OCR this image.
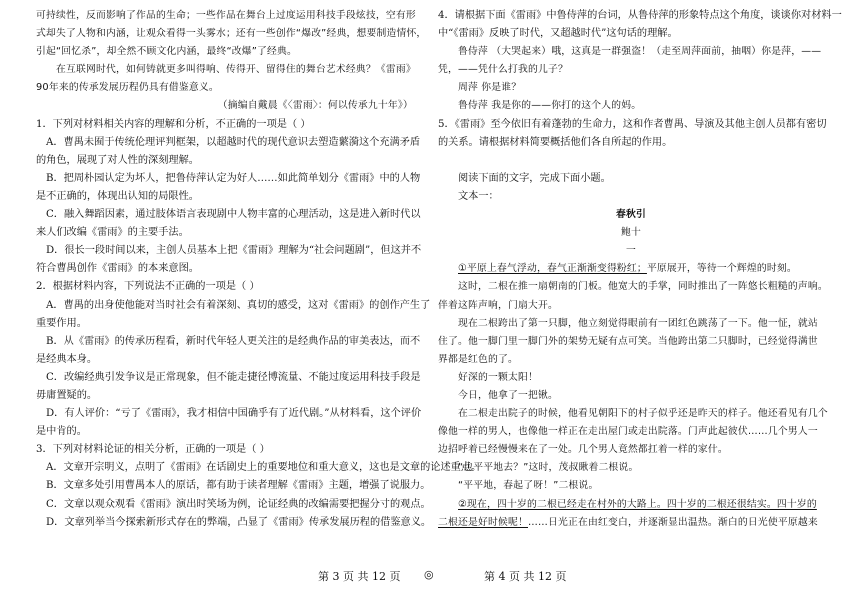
可持续性，反而影响了作品的生命；一些作品在舞台上过度运用科技手段炫技，空有形
式却失了人物和内涵，让观众看得一头雾水；还有一些创作“爆改”经典，想要制造情怀，
引起“回忆杀”，却全然不顾文化内涵，最终“改爆”了经典。
在互联网时代，如何铸就更多叫得响、传得开、留得住的舞台艺术经典？《雷雨》
90年来的传承发展历程仍具有借鉴意义。
（摘编自戴晨《〈雷雨〉：何以传承九十年》）
1．下列对材料相关内容的理解和分析，不正确的一项是（ ）
A．曹禺未囿于传统伦理评判框架，以超越时代的现代意识去塑造蘩漪这个充满矛盾
的角色，展现了对人性的深刻理解。
B．把周朴园认定为坏人，把鲁侍萍认定为好人……如此简单划分《雷雨》中的人物
是不正确的，体现出认知的局限性。
C．融入舞蹈因素，通过肢体语言表现剧中人物丰富的心理活动，这是进入新时代以
来人们改编《雷雨》的主要手法。
D．很长一段时间以来，主创人员基本上把《雷雨》理解为“社会问题剧”，但这并不
符合曹禺创作《雷雨》的本来意图。
2．根据材料内容，下列说法不正确的一项是（ ）
A．曹禺的出身使他能对当时社会有着深刻、真切的感受，这对《雷雨》的创作产生了
重要作用。
B．从《雷雨》的传承历程看，新时代年轻人更关注的是经典作品的审美表达，而不
是经典本身。
C．改编经典引发争议是正常现象，但不能走捷径博流量、不能过度运用科技手段是
毋庸置疑的。
D．有人评价：“亏了《雷雨》，我才相信中国确乎有了近代剧。”从材料看，这个评价
是中肯的。
3．下列对材料论证的相关分析，正确的一项是（ ）
A．文章开宗明义，点明了《雷雨》在话剧史上的重要地位和重大意义，这也是文章的论述重点。
B．文章多处引用曹禺本人的原话，都有助于读者理解《雷雨》主题，增强了说服力。
C．文章以观众观看《雷雨》演出时笑场为例，论证经典的改编需要把握分寸的观点。
D．文章列举当今探索新形式存在的弊端，凸显了《雷雨》传承发展历程的借鉴意义。
4．请根据下面《雷雨》中鲁侍萍的台词，从鲁侍萍的形象特点这个角度，谈谈你对材料一
中“《雷雨》反映了时代，又超越时代”这句话的理解。
鲁侍萍 （大哭起来）哦，这真是一群强盗！（走至周萍面前，抽咽）你是萍，——
凭，——凭什么打我的儿子？
周萍 你是谁？
鲁侍萍 我是你的——你打的这个人的妈。
5．《雷雨》至今依旧有着蓬勃的生命力，这和作者曹禺、导演及其他主创人员都有密切
的关系。请根据材料简要概括他们各自所起的作用。
阅读下面的文字，完成下面小题。
文本一：
春秋引
鲍十
一
①平原上春气浮动，春气正渐渐变得粉红；平原展开，等待一个辉煌的时刻。
这时，二根在推一扇朝南的门板。他宽大的手掌，同时推出了一阵悠长粗糙的声响。
伴着这阵声响，门扇大开。
现在二根跨出了第一只脚，他立刻觉得眼前有一团红色跳荡了一下。他一怔，就站
住了。他一脚门里一脚门外的架势无疑有点可笑。当他跨出第二只脚时，已经觉得满世
界都是红色的了。
好深的一颗太阳！
今日，他拿了一把锹。
在二根走出院子的时候，他看见朝阳下的村子似乎还是昨天的样子。他还看见有几个
像他一样的男人，也像他一样正在走出屋门或走出院落。门声此起彼伏……几个男人一
边招呼着已经慢慢来在了一处。几个男人竟然都扛着一样的家什。
“也平平地去？”这时，茂叔瞅着二根说。
“平平地，春起了呀！”二根说。
②现在，四十岁的二根已经走在村外的大路上。四十岁的二根还很结实。四十岁的
二根还是好时候呢！……日光正在由红变白，并逐渐显出温热。渐白的日光使平原越来
第 3 页 共 12 页 ◎	第 4 页 共 12 页
